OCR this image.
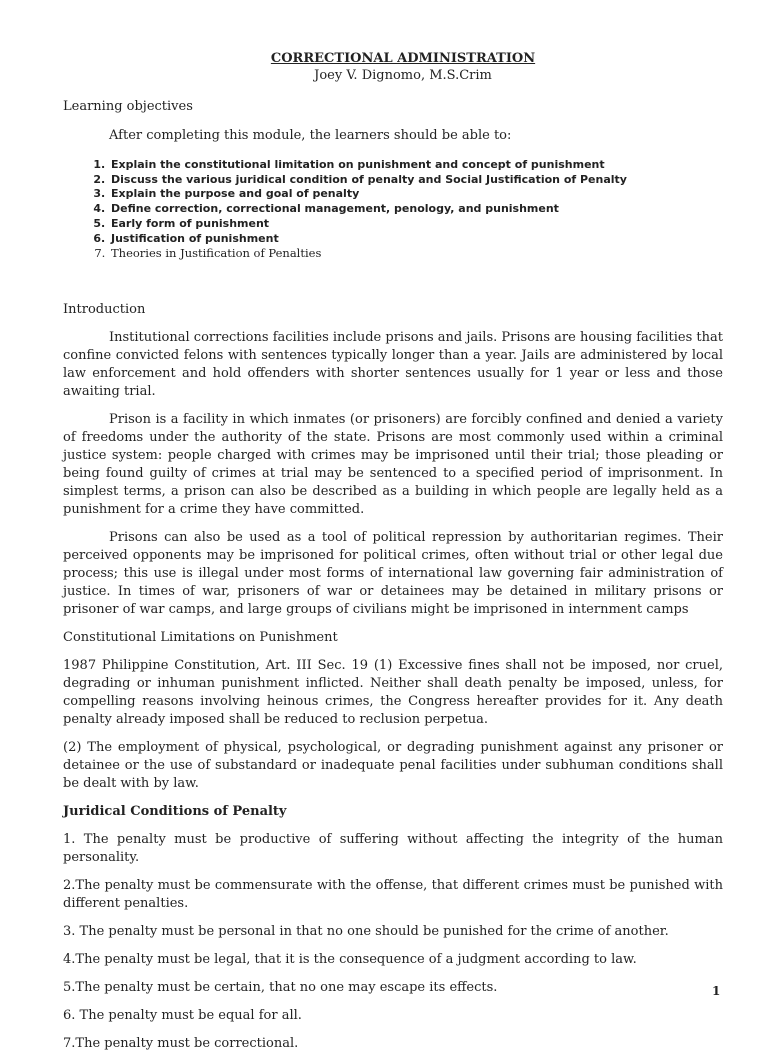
CORRECTIONAL ADMINISTRATION
Joey V. Dignomo, M.S.Crim
Learning objectives
After completing this module, the learners should be able to:
1. Explain the constitutional limitation on punishment and concept of punishment
2. Discuss the various juridical condition of penalty and Social Justification of Penalty
3. Explain the purpose and goal of penalty
4. Define correction, correctional management, penology, and punishment
5. Early form of punishment
6. Justification of punishment
7. Theories in Justification of Penalties
Introduction

Institutional corrections facilities include prisons and jails. Prisons are housing facilities that confine convicted felons with sentences typically longer than a year. Jails are administered by local law enforcement and hold offenders with shorter sentences usually for 1 year or less and those awaiting trial.

Prison is a facility in which inmates (or prisoners) are forcibly confined and denied a variety of freedoms under the authority of the state. Prisons are most commonly used within a criminal justice system: people charged with crimes may be imprisoned until their trial; those pleading or being found guilty of crimes at trial may be sentenced to a specified period of imprisonment. In simplest terms, a prison can also be described as a building in which people are legally held as a punishment for a crime they have committed.

Prisons can also be used as a tool of political repression by authoritarian regimes. Their perceived opponents may be imprisoned for political crimes, often without trial or other legal due process; this use is illegal under most forms of international law governing fair administration of justice. In times of war, prisoners of war or detainees may be detained in military prisons or prisoner of war camps, and large groups of civilians might be imprisoned in internment camps

Constitutional Limitations on Punishment

1987 Philippine Constitution, Art. III Sec. 19 (1) Excessive fines shall not be imposed, nor cruel, degrading or inhuman punishment inflicted. Neither shall death penalty be imposed, unless, for compelling reasons involving heinous crimes, the Congress hereafter provides for it. Any death penalty already imposed shall be reduced to reclusion perpetua.

(2) The employment of physical, psychological, or degrading punishment against any prisoner or detainee or the use of substandard or inadequate penal facilities under subhuman conditions shall be dealt with by law.

Juridical Conditions of Penalty

1. The penalty must be productive of suffering without affecting the integrity of the human personality.

2.The penalty must be commensurate with the offense, that different crimes must be punished with different penalties.

3. The penalty must be personal in that no one should be punished for the crime of another.

4.The penalty must be legal, that it is the consequence of a judgment according to law.

5.The penalty must be certain, that no one may escape its effects.

6. The penalty must be equal for all.

7.The penalty must be correctional.

1
